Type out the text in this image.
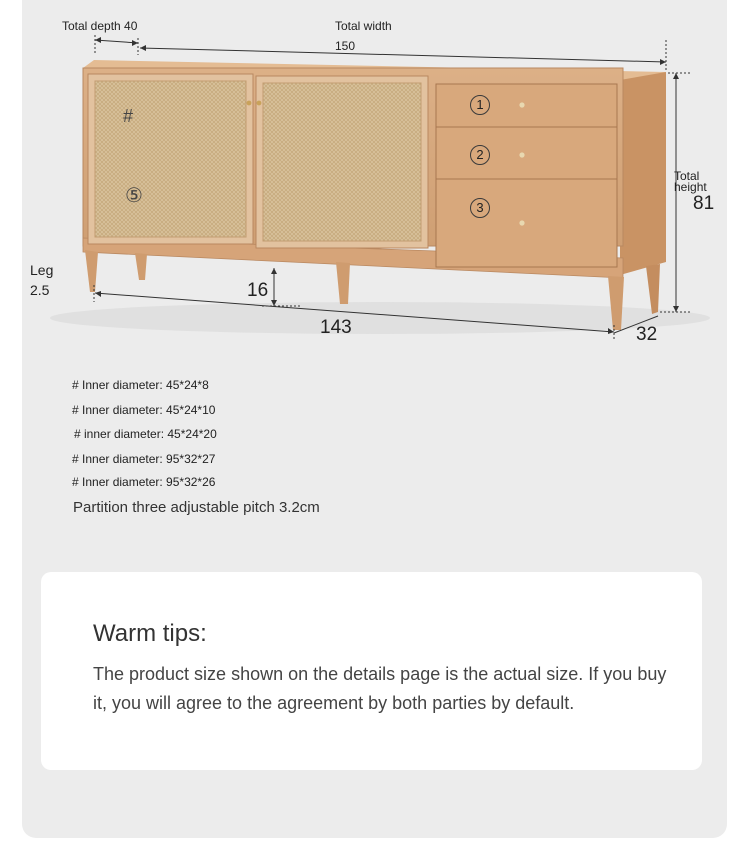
Total depth 40	Total width
150
Total
height
81
Leg
2.5	16
143	32
#
⑤
1
2
3
# Inner diameter: 45*24*8
# Inner diameter: 45*24*10
# inner diameter: 45*24*20
# Inner diameter: 95*32*27
# Inner diameter: 95*32*26
Partition three adjustable pitch 3.2cm
Warm tips:
The product size shown on the details page is the actual size. If you buy it, you will agree to the agreement by both parties by default.
